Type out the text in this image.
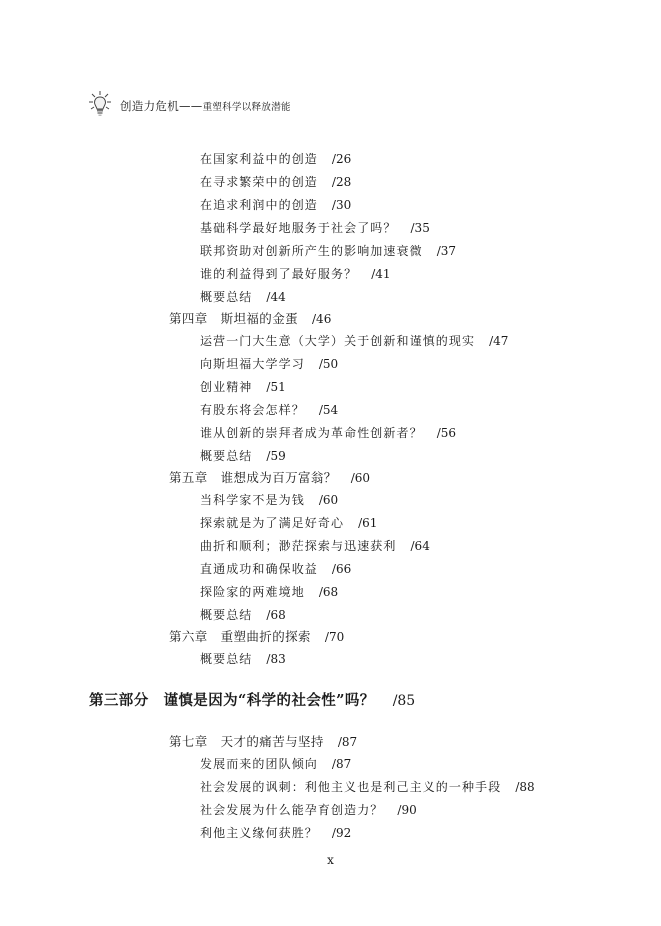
创造力危机——重塑科学以释放潜能
在国家利益中的创造 /26
在寻求繁荣中的创造 /28
在追求利润中的创造 /30
基础科学最好地服务于社会了吗？ /35
联邦资助对创新所产生的影响加速衰微 /37
谁的利益得到了最好服务？ /41
概要总结 /44
第四章　斯坦福的金蛋 /46
运营一门大生意（大学）关于创新和谨慎的现实 /47
向斯坦福大学学习 /50
创业精神 /51
有股东将会怎样？ /54
谁从创新的崇拜者成为革命性创新者？ /56
概要总结 /59
第五章　谁想成为百万富翁？ /60
当科学家不是为钱 /60
探索就是为了满足好奇心 /61
曲折和顺利；渺茫探索与迅速获利 /64
直通成功和确保收益 /66
探险家的两难境地 /68
概要总结 /68
第六章　重塑曲折的探索 /70
概要总结 /83
第三部分　谨慎是因为“科学的社会性”吗？ /85
第七章　天才的痛苦与坚持 /87
发展而来的团队倾向 /87
社会发展的讽刺：利他主义也是利己主义的一种手段 /88
社会发展为什么能孕育创造力？ /90
利他主义缘何获胜？ /92
x
